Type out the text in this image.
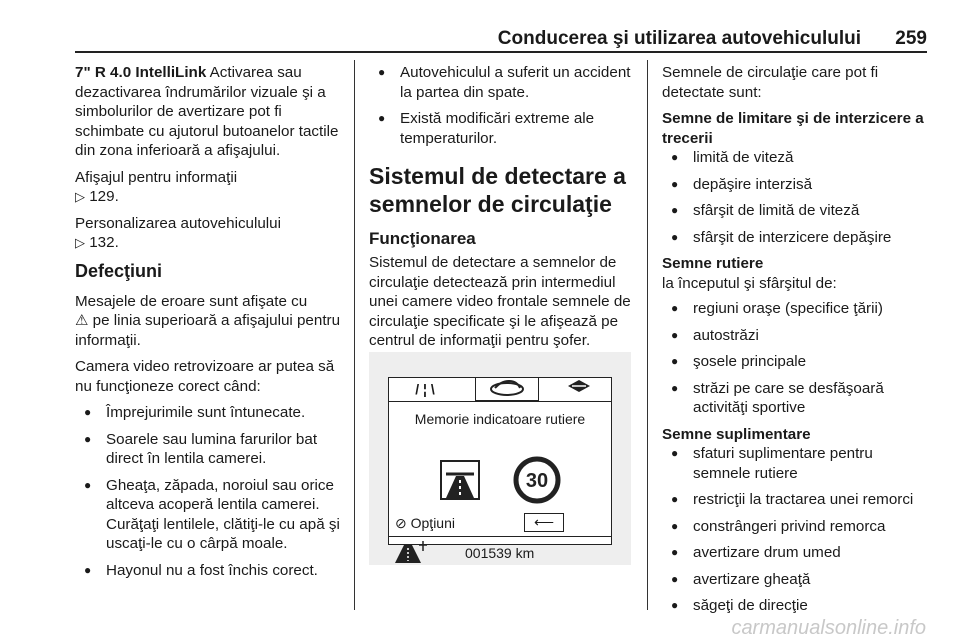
Conducerea şi utilizarea autovehiculului 259

7" R 4.0 IntelliLink Activarea sau dezactivarea îndrumărilor vizuale şi a simbolurilor de avertizare pot fi schimbate cu ajutorul butoanelor tactile din zona inferioară a afişajului.

Afişajul pentru informaţii
▷ 129.

Personalizarea autovehiculului
▷ 132.

Defecţiuni

Mesajele de eroare sunt afişate cu
⚠ pe linia superioară a afişajului pentru informaţii.

Camera video retrovizoare ar putea să nu funcţioneze corect când:

● Împrejurimile sunt întunecate.
● Soarele sau lumina farurilor bat direct în lentila camerei.
● Gheaţa, zăpada, noroiul sau orice altceva acoperă lentila camerei. Curăţaţi lentilele, clătiţi-le cu apă şi uscaţi-le cu o cârpă moale.
● Hayonul nu a fost închis corect.
● Autovehiculul a suferit un accident la partea din spate.
● Există modificări extreme ale temperaturilor.
Sistemul de detectare a semnelor de circulaţie
Funcţionarea

Sistemul de detectare a semnelor de circulaţie detectează prin intermediul unei camere video frontale semnele de circulaţie specificate şi le afişează pe centrul de informaţii pentru şofer.

/ ¦ \
Memorie indicatoare rutiere
30
⊘ Opţiuni	⟵
001539 km

Semnele de circulaţie care pot fi detectate sunt:

Semne de limitare şi de interzicere a trecerii
● limită de viteză
● depăşire interzisă
● sfârşit de limită de viteză
● sfârşit de interzicere depăşire
Semne rutiere

la începutul şi sfârşitul de:

● regiuni oraşe (specifice ţării)
● autostrăzi
● şosele principale
● străzi pe care se desfăşoară activităţi sportive
Semne suplimentare
● sfaturi suplimentare pentru semnele rutiere
● restricţii la tractarea unei remorci
● constrângeri privind remorca
● avertizare drum umed
● avertizare gheaţă
● săgeţi de direcţie
carmanualsonline.info
